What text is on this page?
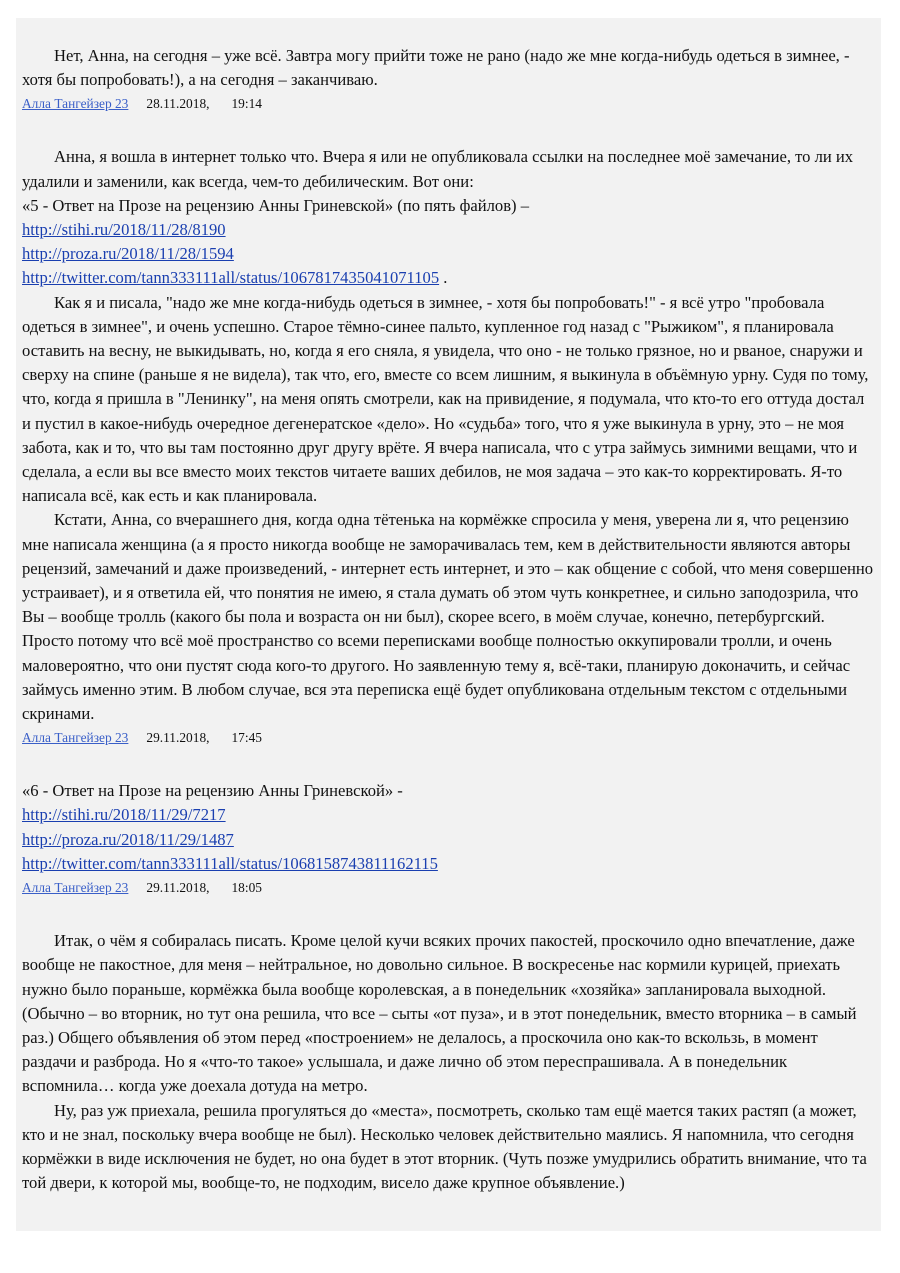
Нет, Анна, на сегодня – уже всё. Завтра могу прийти тоже не рано (надо же мне когда-нибудь одеться в зимнее, - хотя бы попробовать!), а на сегодня – заканчиваю.

Алла Тангейзер 23 28.11.2018, 19:14

Анна, я вошла в интернет только что. Вчера я или не опубликовала ссылки на последнее моё замечание, то ли их удалили и заменили, как всегда, чем-то дебилическим. Вот они:

«5 - Ответ на Прозе на рецензию Анны Гриневской» (по пять файлов) –

http://stihi.ru/2018/11/28/8190

http://proza.ru/2018/11/28/1594

http://twitter.com/tann333111all/status/1067817435041071105 .

Как я и писала, "надо же мне когда-нибудь одеться в зимнее, - хотя бы попробовать!" - я всё утро "пробовала одеться в зимнее", и очень успешно. Старое тёмно-синее пальто, купленное год назад с "Рыжиком", я планировала оставить на весну, не выкидывать, но, когда я его сняла, я увидела, что оно - не только грязное, но и рваное, снаружи и сверху на спине (раньше я не видела), так что, его, вместе со всем лишним, я выкинула в объёмную урну. Судя по тому, что, когда я пришла в "Ленинку", на меня опять смотрели, как на привидение, я подумала, что кто-то его оттуда достал и пустил в какое-нибудь очередное дегенератское «дело». Но «судьба» того, что я уже выкинула в урну, это – не моя забота, как и то, что вы там постоянно друг другу врёте. Я вчера написала, что с утра займусь зимними вещами, что и сделала, а если вы все вместо моих текстов читаете ваших дебилов, не моя задача – это как-то корректировать. Я-то написала всё, как есть и как планировала.

Кстати, Анна, со вчерашнего дня, когда одна тётенька на кормёжке спросила у меня, уверена ли я, что рецензию мне написала женщина (а я просто никогда вообще не заморачивалась тем, кем в действительности являются авторы рецензий, замечаний и даже произведений, - интернет есть интернет, и это – как общение с собой, что меня совершенно устраивает), и я ответила ей, что понятия не имею, я стала думать об этом чуть конкретнее, и сильно заподозрила, что Вы – вообще тролль (какого бы пола и возраста он ни был), скорее всего, в моём случае, конечно, петербургский. Просто потому что всё моё пространство со всеми переписками вообще полностью оккупировали тролли, и очень маловероятно, что они пустят сюда кого-то другого. Но заявленную тему я, всё-таки, планирую доконачить, и сейчас займусь именно этим. В любом случае, вся эта переписка ещё будет опубликована отдельным текстом с отдельными скринами.

Алла Тангейзер 23 29.11.2018, 17:45

«6 - Ответ на Прозе на рецензию Анны Гриневской» -

http://stihi.ru/2018/11/29/7217

http://proza.ru/2018/11/29/1487

http://twitter.com/tann333111all/status/1068158743811162115

Алла Тангейзер 23 29.11.2018, 18:05

Итак, о чём я собиралась писать. Кроме целой кучи всяких прочих пакостей, проскочило одно впечатление, даже вообще не пакостное, для меня – нейтральное, но довольно сильное. В воскресенье нас кормили курицей, приехать нужно было пораньше, кормёжка была вообще королевская, а в понедельник «хозяйка» запланировала выходной. (Обычно – во вторник, но тут она решила, что все – сыты «от пуза», и в этот понедельник, вместо вторника – в самый раз.) Общего объявления об этом перед «построением» не делалось, а проскочила оно как-то вскользь, в момент раздачи и разброда. Но я «что-то такое» услышала, и даже лично об этом переспрашивала. А в понедельник вспомнила… когда уже доехала дотуда на метро.

Ну, раз уж приехала, решила прогуляться до «места», посмотреть, сколько там ещё мается таких растяп (а может, кто и не знал, поскольку вчера вообще не был). Несколько человек действительно маялись. Я напомнила, что сегодня кормёжки в виде исключения не будет, но она будет в этот вторник. (Чуть позже умудрились обратить внимание, что та той двери, к которой мы, вообще-то, не подходим, висело даже крупное объявление.)
